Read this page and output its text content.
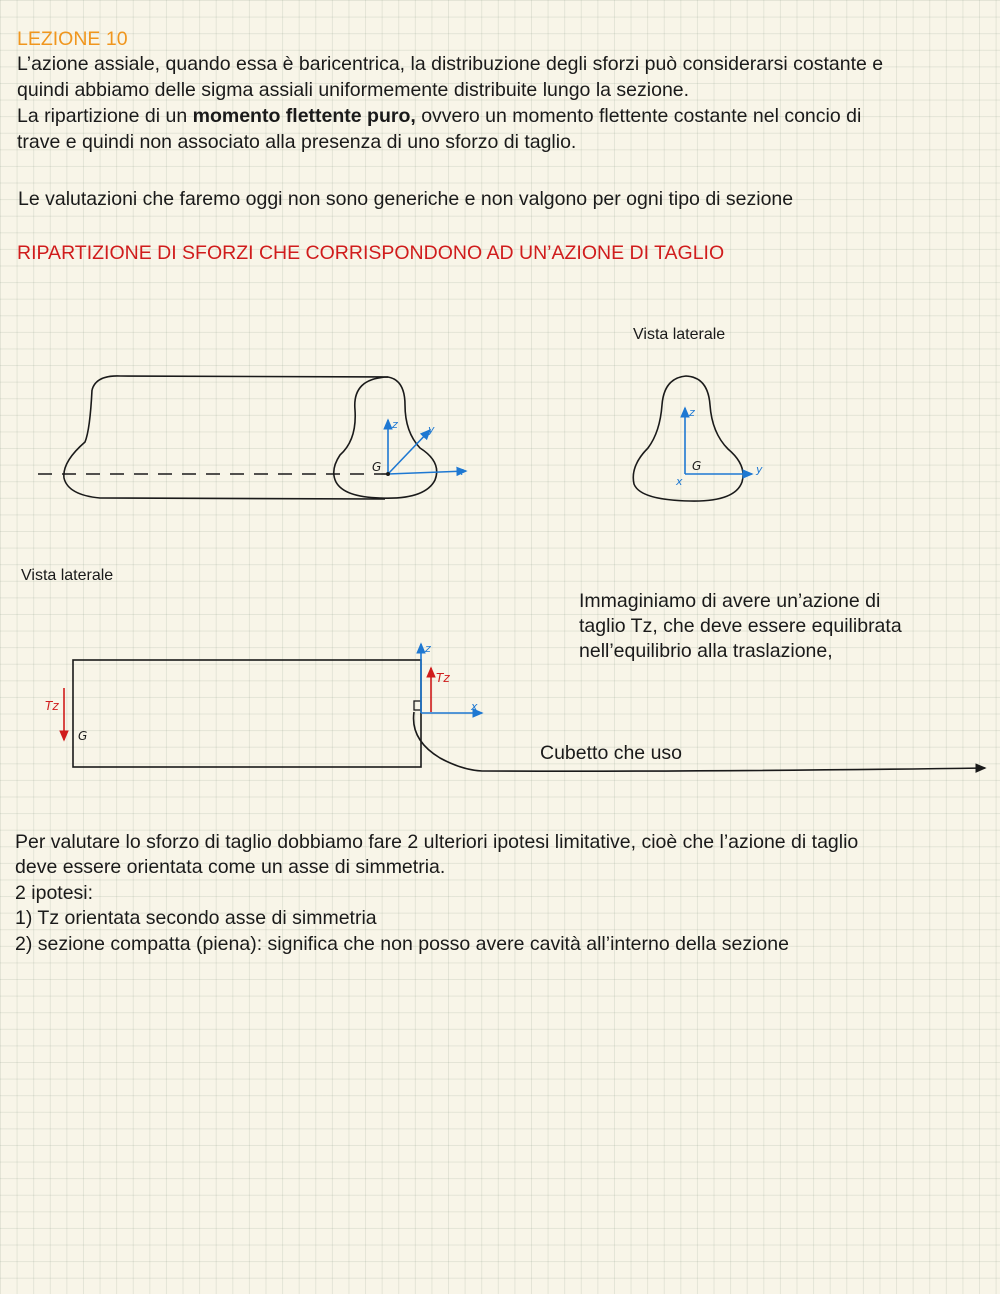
LEZIONE 10
L’azione assiale, quando essa è baricentrica, la distribuzione degli sforzi può considerarsi costante e
quindi abbiamo delle sigma assiali uniformemente distribuite lungo la sezione.
La ripartizione di un momento flettente puro, ovvero un momento flettente costante nel concio di
trave e quindi non associato alla presenza di uno sforzo di taglio.
Le valutazioni che faremo oggi non sono generiche e non valgono per ogni tipo di sezione
RIPARTIZIONE DI SFORZI CHE CORRISPONDONO AD UN’AZIONE DI TAGLIO
Vista laterale
Vista laterale
Immaginiamo di avere un’azione di
taglio Tz, che deve essere equilibrata
nell’equilibrio alla traslazione,
Cubetto che uso
Per valutare lo sforzo di taglio dobbiamo fare 2 ulteriori ipotesi limitative, cioè che l’azione di taglio
deve essere orientata come un asse di simmetria.
2 ipotesi:
1) Tz orientata secondo asse di simmetria
2) sezione compatta (piena): significa che non posso avere cavità all’interno della sezione
G
z	y
x	G
z
y
x
G
Tz
Tz
z
x
